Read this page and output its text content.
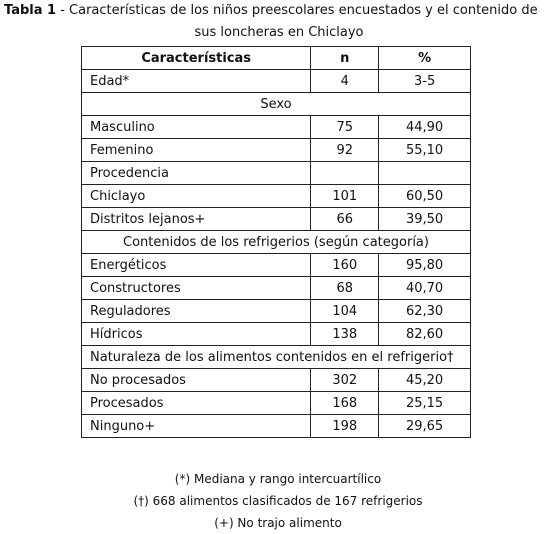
Tabla 1 - Características de los niños preescolares encuestados y el contenido de
sus loncheras en Chiclayo
Características	n	%
Edad*	4	3-5
Sexo		
Masculino	75	44,90
Femenino	92	55,10
Procedencia		
Chiclayo	101	60,50
Distritos lejanos+	66	39,50
Contenidos de los refrigerios (según categoría)		
Energéticos	160	95,80
Constructores	68	40,70
Reguladores	104	62,30
Hídricos	138	82,60
Naturaleza de los alimentos contenidos en el refrigerio†		
No procesados	302	45,20
Procesados	168	25,15
Ninguno+	198	29,65
(*) Mediana y rango intercuartílico
(†) 668 alimentos clasificados de 167 refrigerios
(+) No trajo alimento
